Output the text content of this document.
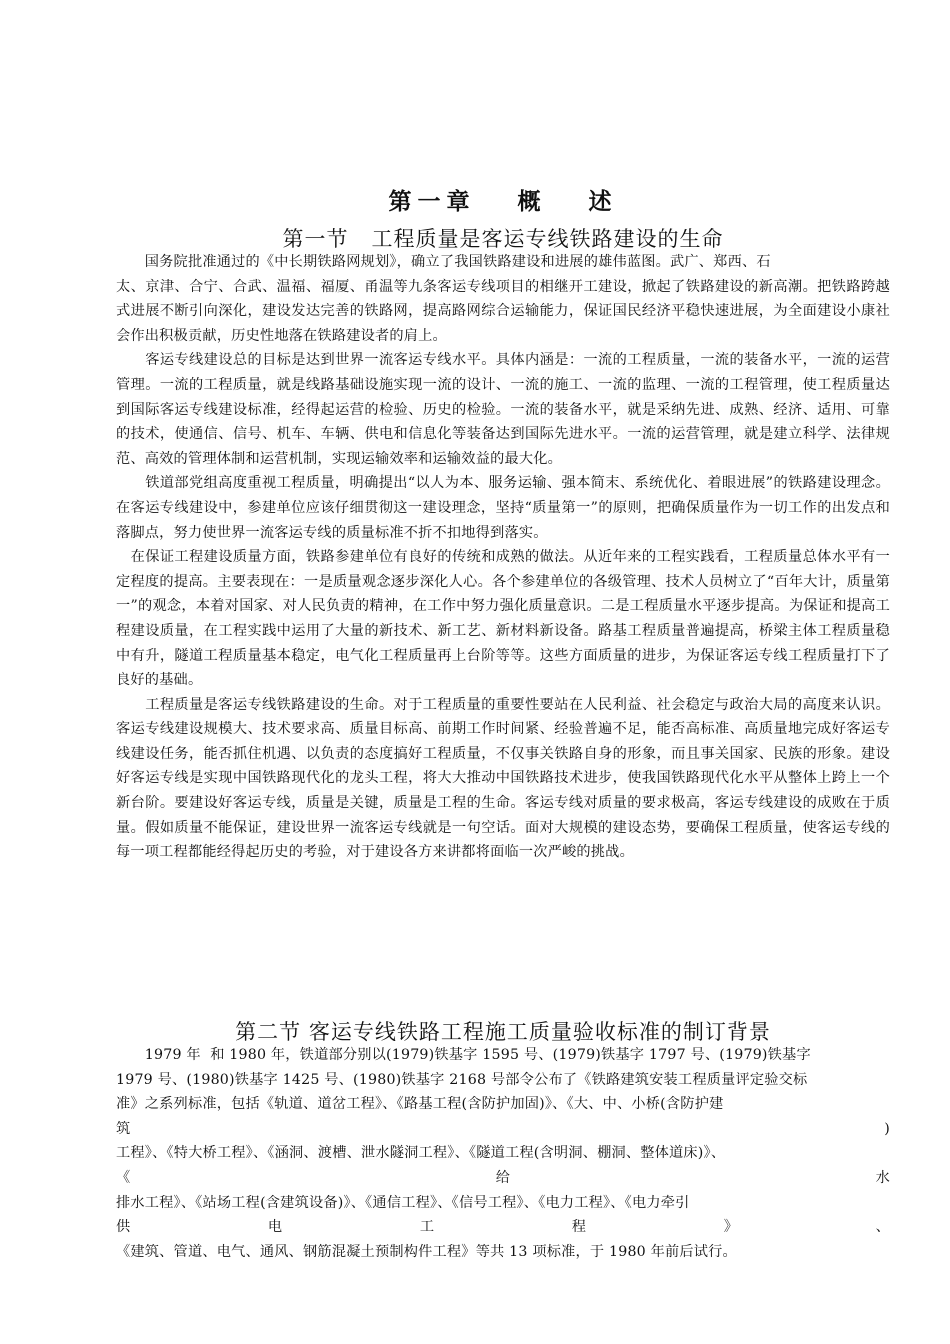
第一章   概   述
第一节   工程质量是客运专线铁路建设的生命

　　国务院批准通过的《中长期铁路网规划》，确立了我国铁路建设和进展的雄伟蓝图。武广、郑西、石
太、京津、合宁、合武、温福、福厦、甬温等九条客运专线项目的相继开工建设，掀起了铁路建设的新高潮。把铁路跨越式进展不断引向深化，建设发达完善的铁路网，提高路网综合运输能力，保证国民经济平稳快速进展，为全面建设小康社会作出积极贡献，历史性地落在铁路建设者的肩上。

　　客运专线建设总的目标是达到世界一流客运专线水平。具体内涵是：一流的工程质量，一流的装备水平，一流的运营管理。一流的工程质量，就是线路基础设施实现一流的设计、一流的施工、一流的监理、一流的工程管理，使工程质量达到国际客运专线建设标准，经得起运营的检验、历史的检验。一流的装备水平，就是采纳先进、成熟、经济、适用、可靠的技术，使通信、信号、机车、车辆、供电和信息化等装备达到国际先进水平。一流的运营管理，就是建立科学、法律规范、高效的管理体制和运营机制，实现运输效率和运输效益的最大化。

　　铁道部党组高度重视工程质量，明确提出“以人为本、服务运输、强本简末、系统优化、着眼进展”的铁路建设理念。在客运专线建设中，参建单位应该仔细贯彻这一建设理念，坚持“质量第一”的原则，把确保质量作为一切工作的出发点和落脚点，努力使世界一流客运专线的质量标准不折不扣地得到落实。

　在保证工程建设质量方面，铁路参建单位有良好的传统和成熟的做法。从近年来的工程实践看，工程质量总体水平有一定程度的提高。主要表现在：一是质量观念逐步深化人心。各个参建单位的各级管理、技术人员树立了“百年大计，质量第一”的观念，本着对国家、对人民负责的精神，在工作中努力强化质量意识。二是工程质量水平逐步提高。为保证和提高工程建设质量，在工程实践中运用了大量的新技术、新工艺、新材料新设备。路基工程质量普遍提高，桥梁主体工程质量稳中有升，隧道工程质量基本稳定，电气化工程质量再上台阶等等。这些方面质量的进步，为保证客运专线工程质量打下了良好的基础。

　　工程质量是客运专线铁路建设的生命。对于工程质量的重要性要站在人民利益、社会稳定与政治大局的高度来认识。客运专线建设规模大、技术要求高、质量目标高、前期工作时间紧、经验普遍不足，能否高标准、高质量地完成好客运专线建设任务，能否抓住机遇、以负责的态度搞好工程质量，不仅事关铁路自身的形象，而且事关国家、民族的形象。建设好客运专线是实现中国铁路现代化的龙头工程，将大大推动中国铁路技术进步，使我国铁路现代化水平从整体上跨上一个新台阶。要建设好客运专线，质量是关键，质量是工程的生命。客运专线对质量的要求极高，客运专线建设的成败在于质量。假如质量不能保证，建设世界一流客运专线就是一句空话。面对大规模的建设态势，要确保工程质量，使客运专线的每一项工程都能经得起历史的考验，对于建设各方来讲都将面临一次严峻的挑战。

第二节 客运专线铁路工程施工质量验收标准的制订背景
　　1979 年  和 1980 年，铁道部分别以(1979)铁基字 1595 号、(1979)铁基字 1797 号、(1979)铁基字
1979 号、(1980)铁基字 1425 号、(1980)铁基字 2168 号部令公布了《铁路建筑安装工程质量评定验交标
准》之系列标准，包括《轨道、道岔工程》、《路基工程(含防护加固)》、《大、中、小桥(含防护建
筑	)
工程》、《特大桥工程》、《涵洞、渡槽、泄水隧洞工程》、《隧道工程(含明洞、棚洞、整体道床)》、
《	给	水
排水工程》、《站场工程(含建筑设备)》、《通信工程》、《信号工程》、《电力工程》、《电力牵引
供	电	工	程	》	、
《建筑、管道、电气、通风、钢筋混凝土预制构件工程》等共 13 项标准，于 1980 年前后试行。
